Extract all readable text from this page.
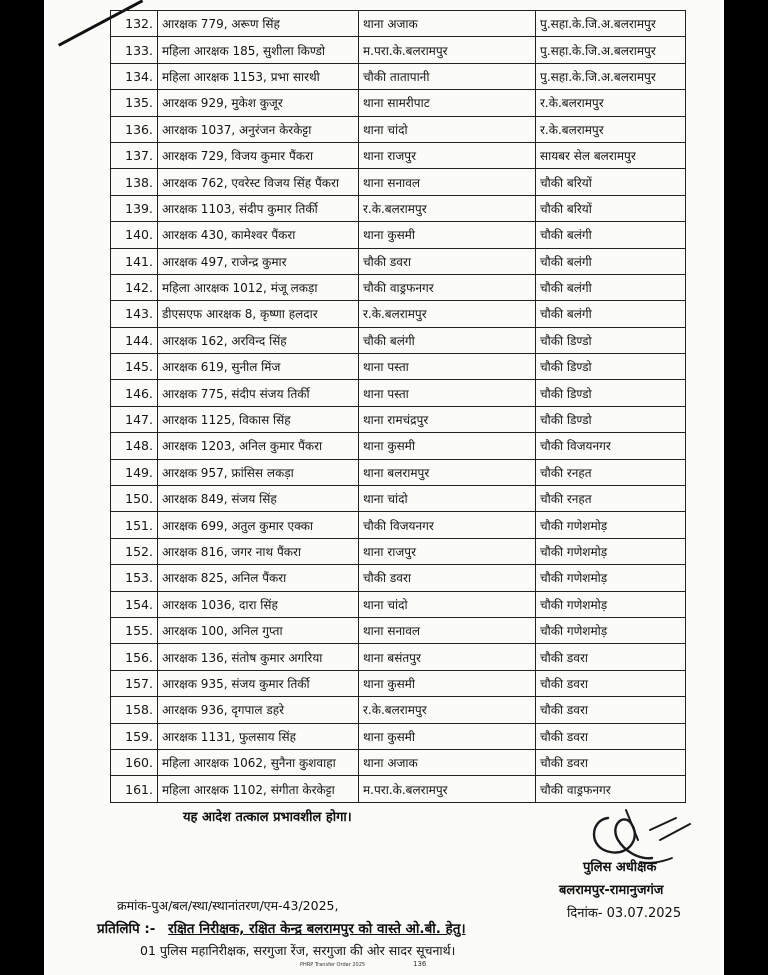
132.	आरक्षक 779, अरूण सिंह	थाना अजाक	पु.सहा.के.जि.अ.बलरामपुर
133.	महिला आरक्षक 185, सुशीला किण्डो	म.परा.के.बलरामपुर	पु.सहा.के.जि.अ.बलरामपुर
134.	महिला आरक्षक 1153, प्रभा सारथी	चौकी तातापानी	पु.सहा.के.जि.अ.बलरामपुर
135.	आरक्षक 929, मुकेश कुजूर	थाना सामरीपाट	र.के.बलरामपुर
136.	आरक्षक 1037, अनुरंजन केरकेट्टा	थाना चांदो	र.के.बलरामपुर
137.	आरक्षक 729, विजय कुमार पैंकरा	थाना राजपुर	सायबर सेल बलरामपुर
138.	आरक्षक 762, एवरेस्ट विजय सिंह पैंकरा	थाना सनावल	चौकी बरियों
139.	आरक्षक 1103, संदीप कुमार तिर्की	र.के.बलरामपुर	चौकी बरियों
140.	आरक्षक 430, कामेश्वर पैंकरा	थाना कुसमी	चौकी बलंगी
141.	आरक्षक 497, राजेन्द्र कुमार	चौकी डवरा	चौकी बलंगी
142.	महिला आरक्षक 1012, मंजू लकड़ा	चौकी वाड्रफनगर	चौकी बलंगी
143.	डीएसएफ आरक्षक 8, कृष्णा हलदार	र.के.बलरामपुर	चौकी बलंगी
144.	आरक्षक 162, अरविन्द सिंह	चौकी बलंगी	चौकी डिण्डो
145.	आरक्षक 619, सुनील मिंज	थाना पस्ता	चौकी डिण्डो
146.	आरक्षक 775, संदीप संजय तिर्की	थाना पस्ता	चौकी डिण्डो
147.	आरक्षक 1125, विकास सिंह	थाना रामचंद्रपुर	चौकी डिण्डो
148.	आरक्षक 1203, अनिल कुमार पैंकरा	थाना कुसमी	चौकी विजयनगर
149.	आरक्षक 957, फ्रांसिस लकड़ा	थाना बलरामपुर	चौकी रनहत
150.	आरक्षक 849, संजय सिंह	थाना चांदो	चौकी रनहत
151.	आरक्षक 699, अतुल कुमार एक्का	चौकी विजयनगर	चौकी गणेशमोड़
152.	आरक्षक 816, जगर नाथ पैंकरा	थाना राजपुर	चौकी गणेशमोड़
153.	आरक्षक 825, अनिल पैंकरा	चौकी डवरा	चौकी गणेशमोड़
154.	आरक्षक 1036, दारा सिंह	थाना चांदो	चौकी गणेशमोड़
155.	आरक्षक 100, अनिल गुप्ता	थाना सनावल	चौकी गणेशमोड़
156.	आरक्षक 136, संतोष कुमार अगरिया	थाना बसंतपुर	चौकी डवरा
157.	आरक्षक 935, संजय कुमार तिर्की	थाना कुसमी	चौकी डवरा
158.	आरक्षक 936, दृगपाल डहरे	र.के.बलरामपुर	चौकी डवरा
159.	आरक्षक 1131, फुलसाय सिंह	थाना कुसमी	चौकी डवरा
160.	महिला आरक्षक 1062, सुनैना कुशवाहा	थाना अजाक	चौकी डवरा
161.	महिला आरक्षक 1102, संगीता केरकेट्टा	म.परा.के.बलरामपुर	चौकी वाड्रफनगर
यह आदेश तत्काल प्रभावशील होगा।
पुलिस अधीक्षक
बलरामपुर-रामानुजगंज
क्रमांक-पुअ/बल/स्था/स्थानांतरण/एम-43/2025,
दिनांक- 03.07.2025
प्रतिलिपि :- रक्षित निरीक्षक, रक्षित केन्द्र बलरामपुर को वास्ते ओ.बी. हेतु।
01 पुलिस महानिरीक्षक, सरगुजा रेंज, सरगुजा की ओर सादर सूचनार्थ।
PHRP Transfer Order 2025	136
